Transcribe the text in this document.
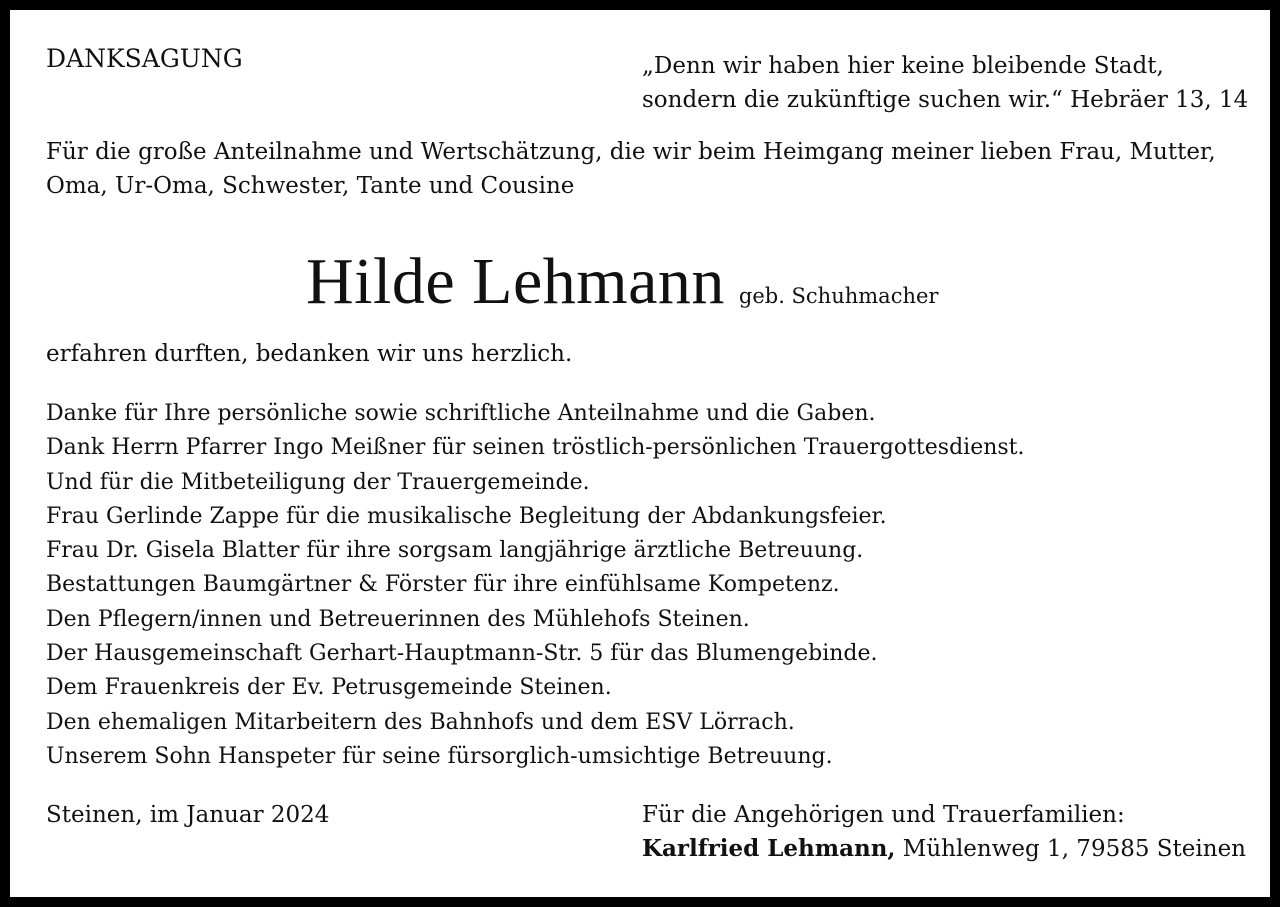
DANKSAGUNG	„Denn wir haben hier keine bleibende Stadt,
sondern die zukünftige suchen wir.“ Hebräer 13, 14
Für die große Anteilnahme und Wertschätzung, die wir beim Heimgang meiner lieben Frau, Mutter,
Oma, Ur-Oma, Schwester, Tante und Cousine
Hilde Lehmann geb. Schuhmacher
erfahren durften, bedanken wir uns herzlich.
Danke für Ihre persönliche sowie schriftliche Anteilnahme und die Gaben.
Dank Herrn Pfarrer Ingo Meißner für seinen tröstlich-persönlichen Trauergottesdienst.
Und für die Mitbeteiligung der Trauergemeinde.
Frau Gerlinde Zappe für die musikalische Begleitung der Abdankungsfeier.
Frau Dr. Gisela Blatter für ihre sorgsam langjährige ärztliche Betreuung.
Bestattungen Baumgärtner & Förster für ihre einfühlsame Kompetenz.
Den Pflegern/innen und Betreuerinnen des Mühlehofs Steinen.
Der Hausgemeinschaft Gerhart-Hauptmann-Str. 5 für das Blumengebinde.
Dem Frauenkreis der Ev. Petrusgemeinde Steinen.
Den ehemaligen Mitarbeitern des Bahnhofs und dem ESV Lörrach.
Unserem Sohn Hanspeter für seine fürsorglich-umsichtige Betreuung.
Steinen, im Januar 2024	Für die Angehörigen und Trauerfamilien:
Karlfried Lehmann, Mühlenweg 1, 79585 Steinen
